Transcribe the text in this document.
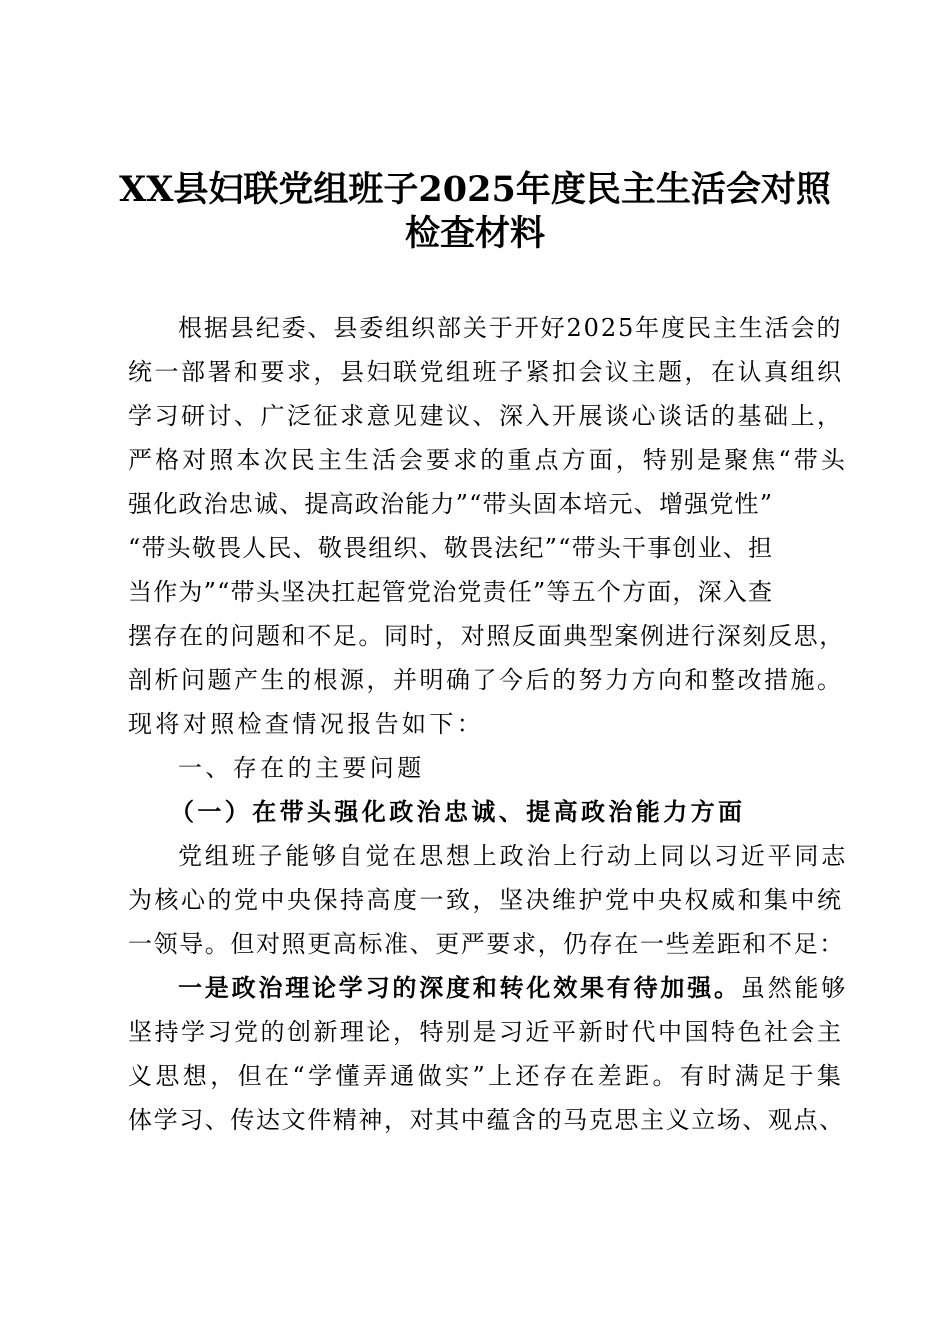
XX县妇联党组班子2025年度民主生活会对照
检查材料

根据县纪委、县委组织部关于开好2025年度民主生活会的

统一部署和要求，县妇联党组班子紧扣会议主题，在认真组织

学习研讨、广泛征求意见建议、深入开展谈心谈话的基础上，

严格对照本次民主生活会要求的重点方面，特别是聚焦“带头

强化政治忠诚、提高政治能力”“带头固本培元、增强党性”

“带头敬畏人民、敬畏组织、敬畏法纪”“带头干事创业、担

当作为”“带头坚决扛起管党治党责任”等五个方面，深入查

摆存在的问题和不足。同时，对照反面典型案例进行深刻反思，

剖析问题产生的根源，并明确了今后的努力方向和整改措施。

现将对照检查情况报告如下：

一、存在的主要问题

（一）在带头强化政治忠诚、提高政治能力方面

党组班子能够自觉在思想上政治上行动上同以习近平同志

为核心的党中央保持高度一致，坚决维护党中央权威和集中统

一领导。但对照更高标准、更严要求，仍存在一些差距和不足：

一是政治理论学习的深度和转化效果有待加强。虽然能够

坚持学习党的创新理论，特别是习近平新时代中国特色社会主

义思想，但在“学懂弄通做实”上还存在差距。有时满足于集

体学习、传达文件精神，对其中蕴含的马克思主义立场、观点、
